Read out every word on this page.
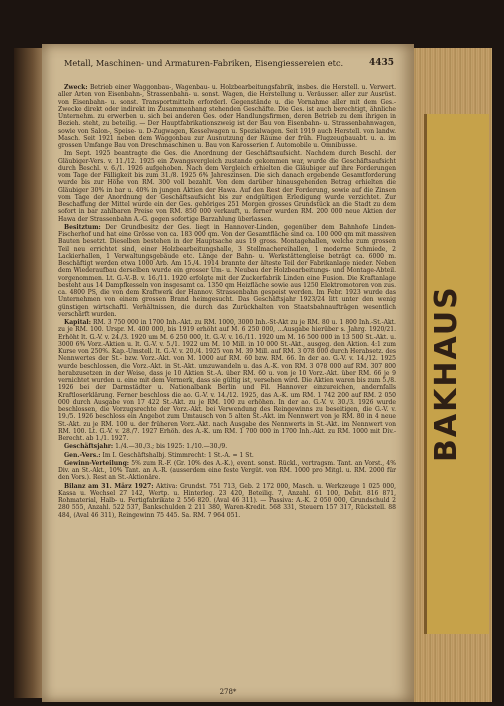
BAKHAUS
Metall, Maschinen- und Armaturen-Fabriken, Eisengiessereien etc.	4435

Zweck: Betrieb einer Waggonbau-, Wagenbau- u. Holzbearbeitungsfabrik, insbes. die Herstell. u. Verwert. aller Arten von Eisenbahn-, Strassenbahn- u. sonst. Wagen, die Herstellung u. Veräusser. aller zur Ausrüst. von Eisenbahn- u. sonst. Transportmitteln erforderl. Gegenstände u. die Vornahme aller mit dem Ges.-Zwecke direkt oder indirekt im Zusammenhang stehenden Geschäfte. Die Ges. ist auch berechtigt, ähnliche Unternehm. zu erwerben u. sich bei anderen Ges. oder Handlungsfirmen, deren Betrieb zu dem ihrigen in Bezieh. steht, zu beteilig. — Der Hauptfabrikationszweig ist der Bau von Eisenbahn- u. Strassenbahnwagen, sowie von Salon-, Speise- u. D-Zugwagen, Kesselwagen u. Spezialwagen. Seit 1919 auch Herstell. von landw. Masch. Seit 1921 neben dem Waggonbau zur Ausnutzung der Räume der früh. Flugzeugbauabt. u. a. im grossen Umfange Bau von Dreschmaschinen u. Bau von Karosserien f. Automobile u. Omnibusse.

Im Sept. 1925 beantragte die Ges. die Anordnung der Geschäftsaufsicht. Nachdem durch Beschl. der Gläubiger-Vers. v. 11./12. 1925 ein Zwangsvergleich zustande gekommen war, wurde die Geschäftsaufsicht durch Beschl. v. 6./1. 1926 aufgehoben. Nach dem Vergleich erhielten die Gläubiger auf ihre Forderungen vom Tage der Fälligkeit bis zum 31./8. 1925 6% Jahreszinsen. Die sich danach ergebende Gesamtforderung wurde bis zur Höhe von RM. 300 voll bezahlt. Von dem darüber hinausgehenden Betrag erhielten die Gläubiger 30% in bar u. 40% in jungen Aktien der Hawa. Auf den Rest der Forderung, sowie auf die Zinsen vom Tage der Anordnung der Geschäftsaufsicht bis zur endgültigen Erledigung wurde verzichtet. Zur Beschaffung der Mittel wurde ein der Ges. gehöriges 251 Morgen grosses Grundstück an die Stadt zu dem sofort in bar zahlbaren Preise von RM. 850 000 verkauft, u. ferner wurden RM. 200 000 neue Aktien der Hawa der Strassenbahn A.-G. gegen sofortige Barzahlung überlassen.

Besitztum: Der Grundbesitz der Ges. liegt in Hannover-Linden, gegenüber dem Bahnhofe Linden-Fischerhof und hat eine Grösse von ca. 183 000 qm. Von der Gesamtfläche sind ca. 100 000 qm mit massiven Bauten besetzt. Dieselben bestehen in der Hauptsache aus 19 gross. Montagehallen, welche zum grossen Teil neu errichtet sind, einer Holzbearbeitungshalle, 3 Stellmachereihallen, 1 moderne Schmiede, 2 Lackierhallen, 1 Verwaltungsgebäude etc. Länge der Bahn- u. Werkstättengleise beträgt ca. 6000 m. Beschäftigt werden etwa 1000 Arb. Am 15./4. 1914 brannte der älteste Teil der Fabrikanlage nieder. Neben dem Wiederaufbau derselben wurde ein grosser Um- u. Neubau der Holzbearbeitungs- und Montage-Abteil. vorgenommen. Lt. G.-V.-B. v. 16./11. 1920 erfolgte mit der Zuckerfabrik Linden eine Fusion. Die Kraftanlage besteht aus 14 Dampfkesseln von insgesamt ca. 1350 qm Heizfläche sowie aus 1250 Elektromotoren von zus. ca. 4800 PS, die von dem Kraftwerk der Hannov. Strassenbahn gespeist werden. Im Febr. 1923 wurde das Unternehmen von einem grossen Brand heimgesucht. Das Geschäftsjahr 1923/24 litt unter den wenig günstigen wirtschaftl. Verhältnissen, die durch das Zurückhalten von Staatsbahnaufträgen wesentlich verschärft wurden.

Kapital: RM. 3 750 000 in 1700 Inh.-Akt. zu RM. 1000, 3000 Inh.-St-Akt zu je RM. 80 u. 1 800 Inh.-St.-Akt. zu je RM. 100. Urspr. M. 400 000, bis 1919 erhöht auf M. 6 250 000, ...Ausgabe hierüber s. Jahrg. 1920/21. Erhöht lt. G.-V. v. 24./3. 1920 um M. 6 250 000, lt. G.-V. v. 16./11. 1920 um M. 16 500 000 in 13 500 St.-Akt. u. 3000 6% Vorz.-Aktien u. lt. G.-V. v. 5./1. 1922 um M. 10 Mill. in 10 000 St.-Akt., ausgeg. den Aktion. 4:1 zum Kurse von 250%. Kap.-Umstell. lt. G.-V. v. 20./4. 1925 von M. 39 Mill. auf RM. 3 078 000 durch Herabsetz. des Nennwertes der St.- bzw. Vorz.-Akt. von M. 1000 auf RM. 60 bzw. RM. 66. In der ao. G.-V. v. 14./12. 1925 wurde beschlossen, die Vorz.-Akt. in St.-Akt. umzuwandeln u. das A.-K. von RM. 3 078 000 auf RM. 307 800 herabzusetzen in der Weise, dass je 10 Aktien St.-A. über RM. 60 u. von je 10 Vorz.-Akt. über RM. 66 je 9 vernichtet wurden u. eine mit dem Vermerk, dass sie gültig ist, versehen wird. Die Aktien waren bis zum 5./8. 1926 bei der Darmstädter u. Nationalbank Berlin und Fil. Hannover einzureichen, andernfalls Kraftloserklärung. Ferner beschloss die ao. G.-V. v. 14./12. 1925, das A.-K. um RM. 1 742 200 auf RM. 2 050 000 durch Ausgabe von 17 422 St.-Akt. zu je RM. 100 zu erhöhen. In der ao. G.-V. v. 30./3. 1926 wurde beschlossen, die Vorzugsrechte der Vorz.-Akt. bei Verwendung des Reingewinns zu beseitigen, die G.-V. v. 19./5. 1926 beschloss ein Angebot zum Umtausch von 5 alten St.-Akt. im Nennwert von je RM. 80 in 4 neue St.-Akt. zu je RM. 100 u. der früheren Vorz.-Akt. nach Ausgabe des Nennwerts in St.-Akt. im Nennwert von RM. 100. Lt. G.-V. v. 28./7. 1927 Erhöh. des A.-K. um RM. 1 700 000 in 1700 Inh.-Akt. zu RM. 1000 mit Div.-Berecht. ab 1./1. 1927.

Geschäftsjahr: 1./4.—30./3.; bis 1925: 1./10.—30./9.

Gen.-Vers.: Im I. Geschäftshalbj. Stimmrecht: 1 St.-A. = 1 St.

Gewinn-Verteilung: 5% zum R.-F. (Gr. 10% des A.-K.), event. sonst. Rückl., vertragsm. Tant. an Vorst., 4% Div. an St.-Akt., 10% Tant. an A.-R. (ausserdem eine feste Vergüt. von RM. 1000 pro Mitgl. u. RM. 2000 für den Vors.). Rest an St.-Aktionäre.

Bilanz am 31. März 1927: Aktiva: Grundst. 751 713, Geb. 2 172 000, Masch. u. Werkzeuge 1 025 000, Kassa u. Wechsel 27 142, Wertp. u. Hinterleg. 23 420, Beteilig. 7, Anzahl. 61 100, Debit. 816 871, Rohmaterial, Halb- u. Fertigfabrikate 2 556 820. (Aval 46 311). — Passiva: A.-K. 2 050 000, Grundschuld 2 280 555, Anzahl. 522 537, Bankschulden 2 211 380, Waren-Kredit. 568 331, Steuern 157 317, Rückstell. 88 484, (Aval 46 311), Reingewinn 75 445. Sa. RM. 7 964 051.

278*
